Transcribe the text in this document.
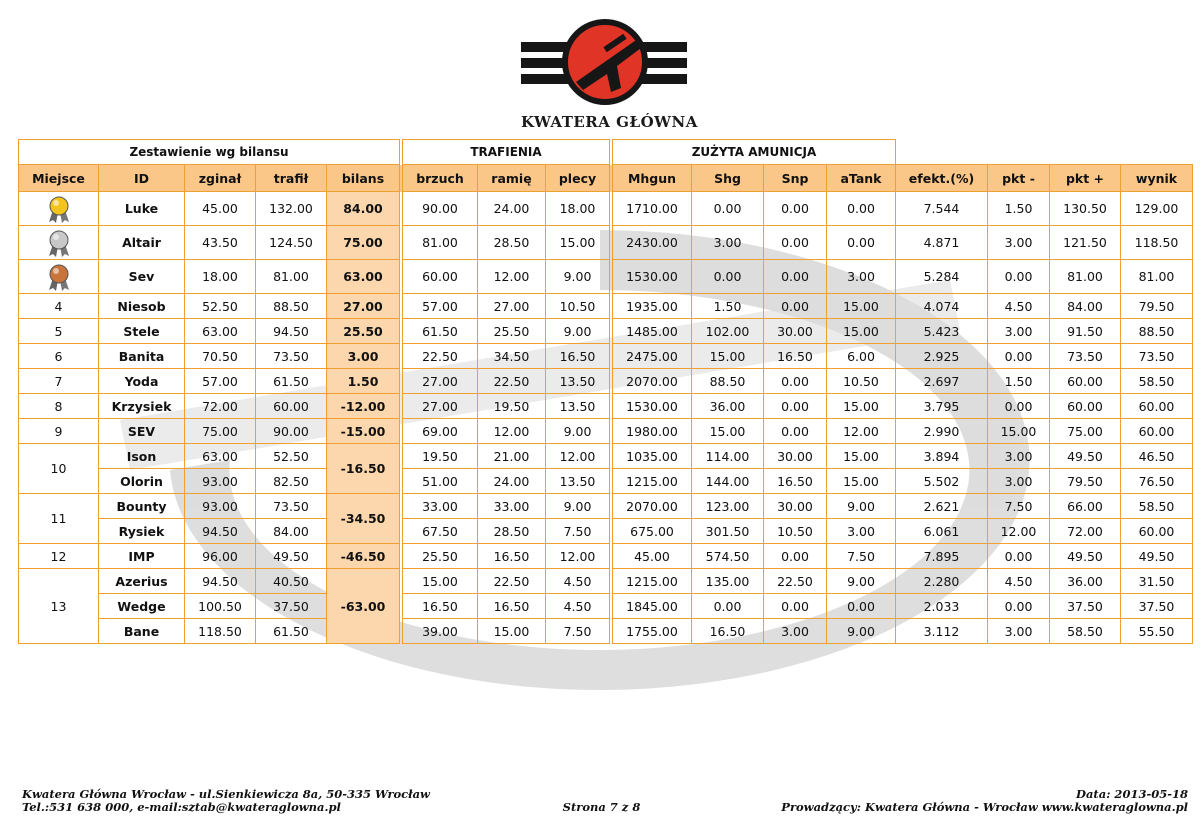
KWATERA GŁÓWNA
Zestawienie wg bilansu						TRAFIENIA				ZUŻYTA AMUNICJA							
Miejsce	ID	zginał	trafił	bilans		brzuch	ramię	plecy		Mhgun	Shg	Snp	aTank	efekt.(%)	pkt -	pkt +	wynik
	Luke	45.00	132.00	84.00		90.00	24.00	18.00		1710.00	0.00	0.00	0.00	7.544	1.50	130.50	129.00
	Altair	43.50	124.50	75.00		81.00	28.50	15.00		2430.00	3.00	0.00	0.00	4.871	3.00	121.50	118.50
	Sev	18.00	81.00	63.00		60.00	12.00	9.00		1530.00	0.00	0.00	3.00	5.284	0.00	81.00	81.00
4	Niesob	52.50	88.50	27.00		57.00	27.00	10.50		1935.00	1.50	0.00	15.00	4.074	4.50	84.00	79.50
5	Stele	63.00	94.50	25.50		61.50	25.50	9.00		1485.00	102.00	30.00	15.00	5.423	3.00	91.50	88.50
6	Banita	70.50	73.50	3.00		22.50	34.50	16.50		2475.00	15.00	16.50	6.00	2.925	0.00	73.50	73.50
7	Yoda	57.00	61.50	1.50		27.00	22.50	13.50		2070.00	88.50	0.00	10.50	2.697	1.50	60.00	58.50
8	Krzysiek	72.00	60.00	-12.00		27.00	19.50	13.50		1530.00	36.00	0.00	15.00	3.795	0.00	60.00	60.00
9	SEV	75.00	90.00	-15.00		69.00	12.00	9.00		1980.00	15.00	0.00	12.00	2.990	15.00	75.00	60.00
10	Ison	63.00	52.50	-16.50		19.50	21.00	12.00		1035.00	114.00	30.00	15.00	3.894	3.00	49.50	46.50
	Olorin	93.00	82.50			51.00	24.00	13.50		1215.00	144.00	16.50	15.00	5.502	3.00	79.50	76.50
11	Bounty	93.00	73.50	-34.50		33.00	33.00	9.00		2070.00	123.00	30.00	9.00	2.621	7.50	66.00	58.50
	Rysiek	94.50	84.00			67.50	28.50	7.50		675.00	301.50	10.50	3.00	6.061	12.00	72.00	60.00
12	IMP	96.00	49.50	-46.50		25.50	16.50	12.00		45.00	574.50	0.00	7.50	7.895	0.00	49.50	49.50
13	Azerius	94.50	40.50	-63.00		15.00	22.50	4.50		1215.00	135.00	22.50	9.00	2.280	4.50	36.00	31.50
	Wedge	100.50	37.50			16.50	16.50	4.50		1845.00	0.00	0.00	0.00	2.033	0.00	37.50	37.50
	Bane	118.50	61.50			39.00	15.00	7.50		1755.00	16.50	3.00	9.00	3.112	3.00	58.50	55.50
Kwatera Główna Wrocław - ul.Sienkiewicza 8a, 50-335 Wrocław
Tel.:531 638 000, e-mail:sztab@kwateraglowna.pl	Strona 7 z 8
Data: 2013-05-18
Prowadzący: Kwatera Główna - Wrocław www.kwateraglowna.pl
